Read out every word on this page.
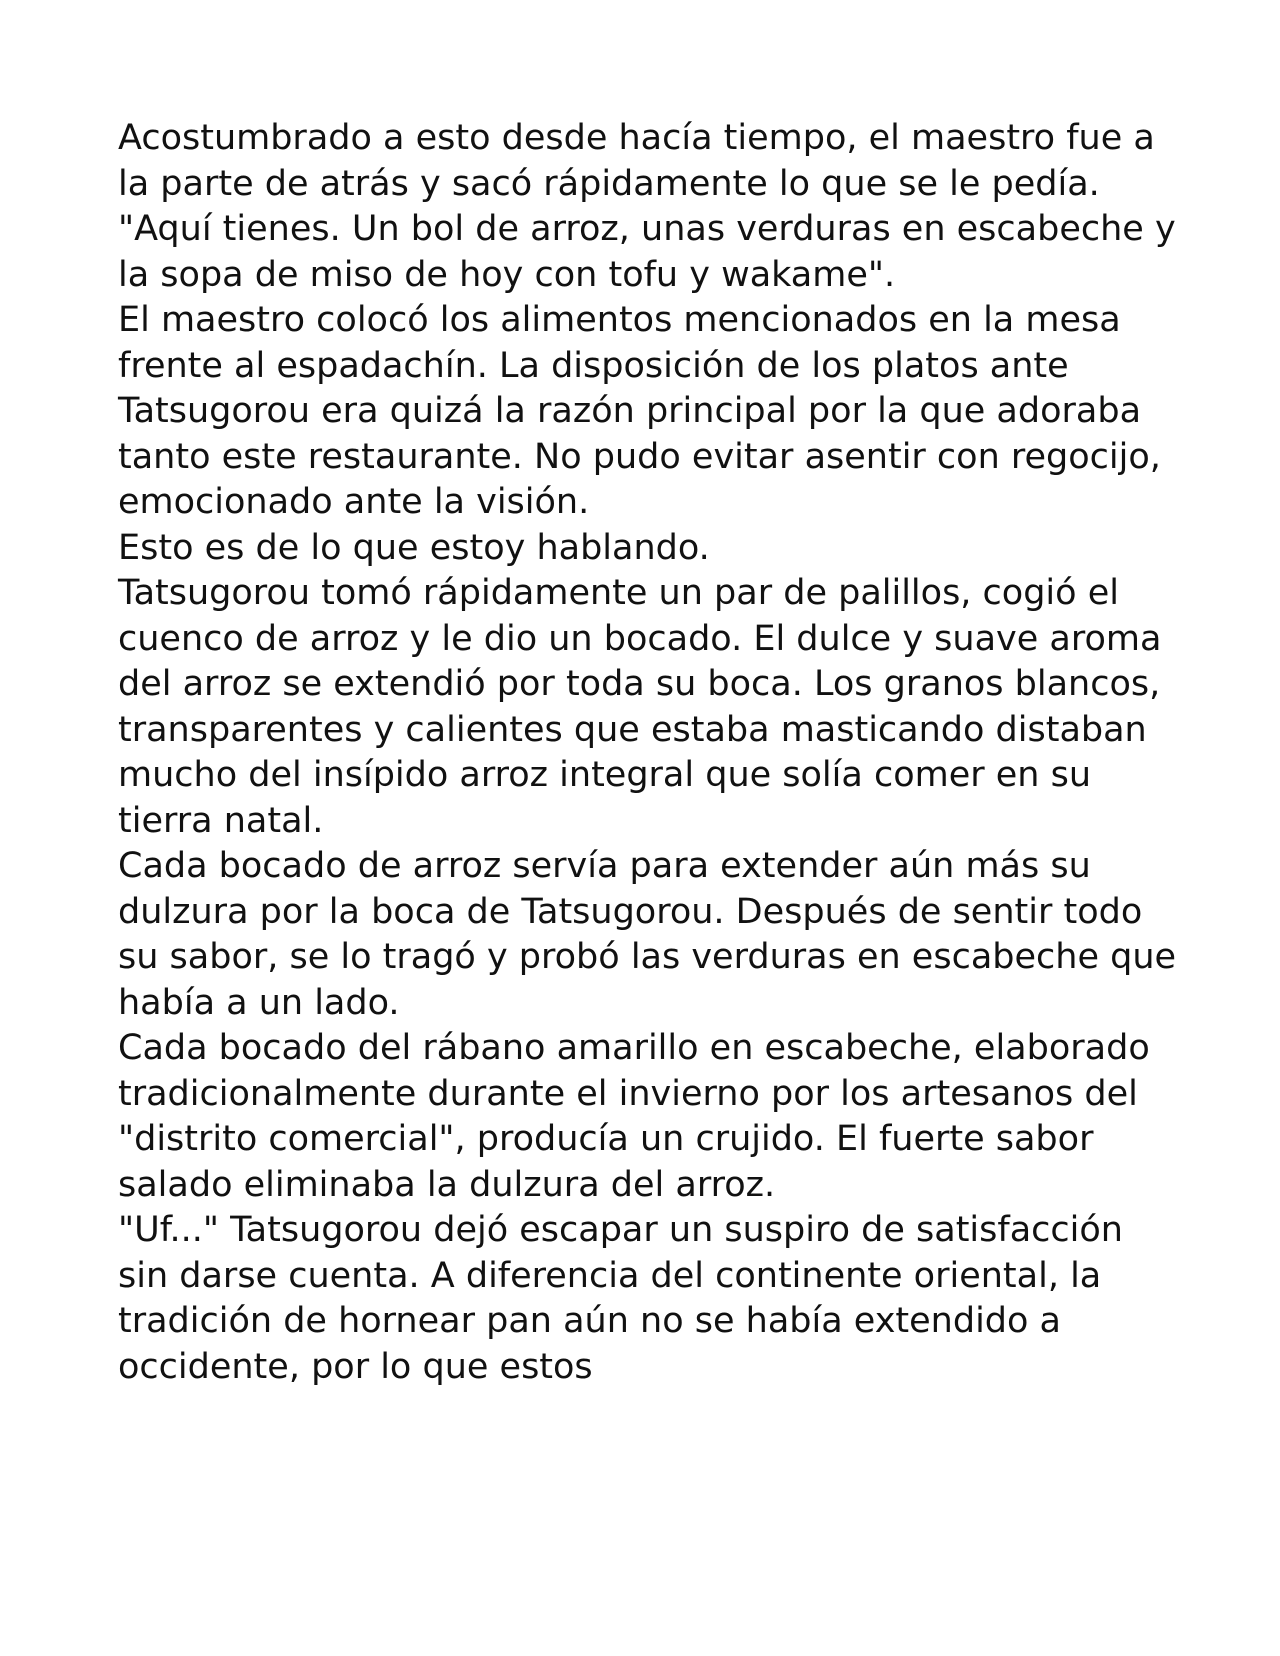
Acostumbrado a esto desde hacía tiempo, el maestro fue a la parte de atrás y sacó rápidamente lo que se le pedía.

"Aquí tienes. Un bol de arroz, unas verduras en escabeche y la sopa de miso de hoy con tofu y wakame".

El maestro colocó los alimentos mencionados en la mesa frente al espadachín. La disposición de los platos ante Tatsugorou era quizá la razón principal por la que adoraba tanto este restaurante. No pudo evitar asentir con regocijo, emocionado ante la visión.

Esto es de lo que estoy hablando.

Tatsugorou tomó rápidamente un par de palillos, cogió el cuenco de arroz y le dio un bocado. El dulce y suave aroma del arroz se extendió por toda su boca. Los granos blancos, transparentes y calientes que estaba masticando distaban mucho del insípido arroz integral que solía comer en su tierra natal.

Cada bocado de arroz servía para extender aún más su dulzura por la boca de Tatsugorou. Después de sentir todo su sabor, se lo tragó y probó las verduras en escabeche que había a un lado.

Cada bocado del rábano amarillo en escabeche, elaborado tradicionalmente durante el invierno por los artesanos del "distrito comercial", producía un crujido. El fuerte sabor salado eliminaba la dulzura del arroz.

"Uf..." Tatsugorou dejó escapar un suspiro de satisfacción sin darse cuenta. A diferencia del continente oriental, la tradición de hornear pan aún no se había extendido a occidente, por lo que estos
